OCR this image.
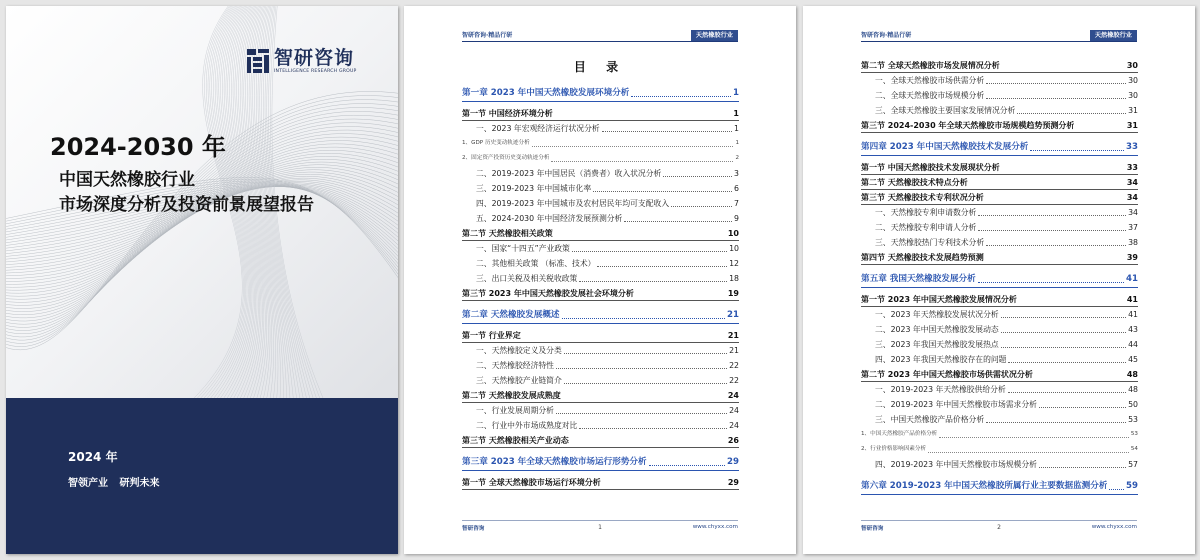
智研咨询
INTELLIGENCE RESEARCH GROUP
2024-2030 年
中国天然橡胶行业
市场深度分析及投资前景展望报告
2024 年
智领产业 研判未来
智研咨询·精品行研	天然橡胶行业
目 录
第一章 2023 年中国天然橡胶发展环境分析	1
第一节 中国经济环境分析	1
一、2023 年宏观经济运行状况分析	1
1、GDP 历史变动轨迹分析	1
2、固定资产投资历史变动轨迹分析	2
二、2019-2023 年中国居民（消费者）收入状况分析	3
三、2019-2023 年中国城市化率	6
四、2019-2023 年中国城市及农村居民年均可支配收入	7
五、2024-2030 年中国经济发展预测分析	9
第二节 天然橡胶相关政策	10
一、国家“十四五”产业政策	10
二、其他相关政策 （标准、技术）	12
三、出口关税及相关税收政策	18
第三节 2023 年中国天然橡胶发展社会环境分析	19
第二章 天然橡胶发展概述	21
第一节 行业界定	21
一、天然橡胶定义及分类	21
二、天然橡胶经济特性	22
三、天然橡胶产业链简介	22
第二节 天然橡胶发展成熟度	24
一、行业发展周期分析	24
二、行业中外市场成熟度对比	24
第三节 天然橡胶相关产业动态	26
第三章 2023 年全球天然橡胶市场运行形势分析	29
第一节 全球天然橡胶市场运行环境分析	29
智研咨询	1	www.chyxx.com
智研咨询·精品行研	天然橡胶行业
第二节 全球天然橡胶市场发展情况分析	30
一、全球天然橡胶市场供需分析	30
二、全球天然橡胶市场规模分析	30
三、全球天然橡胶主要国家发展情况分析	31
第三节 2024-2030 年全球天然橡胶市场规模趋势预测分析	31
第四章 2023 年中国天然橡胶技术发展分析	33
第一节 中国天然橡胶技术发展现状分析	33
第二节 天然橡胶技术特点分析	34
第三节 天然橡胶技术专利状况分析	34
一、天然橡胶专利申请数分析	34
二、天然橡胶专利申请人分析	37
三、天然橡胶热门专利技术分析	38
第四节 天然橡胶技术发展趋势预测	39
第五章 我国天然橡胶发展分析	41
第一节 2023 年中国天然橡胶发展情况分析	41
一、2023 年天然橡胶发展状况分析	41
二、2023 年中国天然橡胶发展动态	43
三、2023 年我国天然橡胶发展热点	44
四、2023 年我国天然橡胶存在的问题	45
第二节 2023 年中国天然橡胶市场供需状况分析	48
一、2019-2023 年天然橡胶供给分析	48
二、2019-2023 年中国天然橡胶市场需求分析	50
三、中国天然橡胶产品价格分析	53
1、中国天然橡胶产品价格分析	53
2、行业价格影响因素分析	54
四、2019-2023 年中国天然橡胶市场规模分析	57
第六章 2019-2023 年中国天然橡胶所属行业主要数据监测分析 59
智研咨询	2	www.chyxx.com
